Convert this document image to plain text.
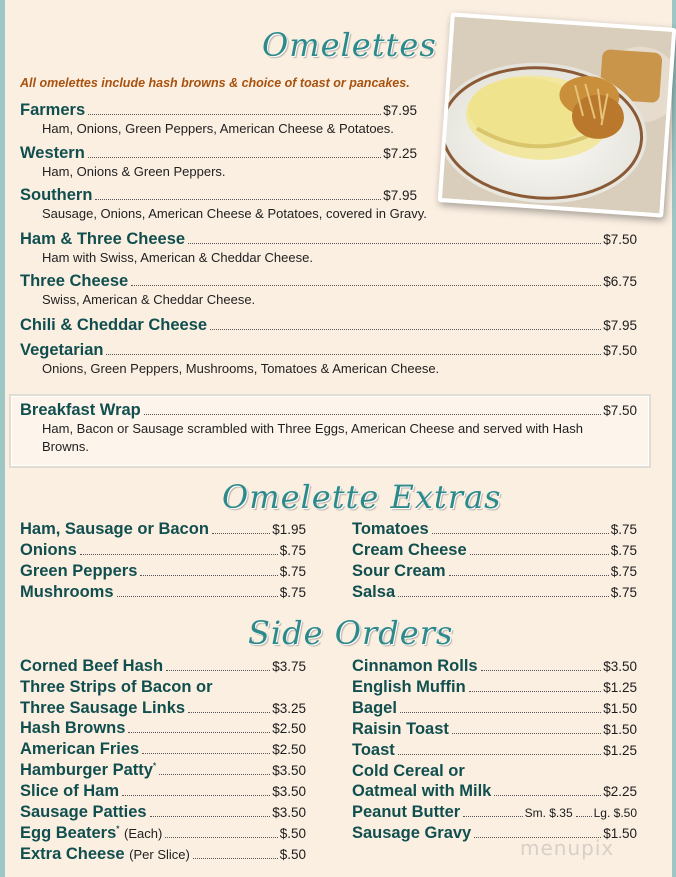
Omelettes
All omelettes include hash browns & choice of toast or pancakes.
Farmers	$7.95
Ham, Onions, Green Peppers, American Cheese & Potatoes.
Western	$7.25
Ham, Onions & Green Peppers.
Southern	$7.95
Sausage, Onions, American Cheese & Potatoes, covered in Gravy.
Ham & Three Cheese	$7.50
Ham with Swiss, American & Cheddar Cheese.
Three Cheese	$6.75
Swiss, American & Cheddar Cheese.
Chili & Cheddar Cheese	$7.95
Vegetarian	$7.50
Onions, Green Peppers, Mushrooms, Tomatoes & American Cheese.
Breakfast Wrap	$7.50
Ham, Bacon or Sausage scrambled with Three Eggs, American Cheese and served with Hash Browns.
Omelette Extras
Ham, Sausage or Bacon	$1.95
Onions	$.75
Green Peppers	$.75
Mushrooms	$.75
Tomatoes	$.75
Cream Cheese	$.75
Sour Cream	$.75
Salsa	$.75
Side Orders
Corned Beef Hash	$3.75
Three Strips of Bacon or
Three Sausage Links	$3.25
Hash Browns	$2.50
American Fries	$2.50
Hamburger Patty*	$3.50
Slice of Ham	$3.50
Sausage Patties	$3.50
Egg Beaters* (Each)	$.50
Extra Cheese (Per Slice)	$.50
Cinnamon Rolls	$3.50
English Muffin	$1.25
Bagel	$1.50
Raisin Toast	$1.50
Toast	$1.25
Cold Cereal or
Oatmeal with Milk	$2.25
Peanut Butter	Sm. $.35 Lg. $.50
Sausage Gravy	$1.50
menupix
